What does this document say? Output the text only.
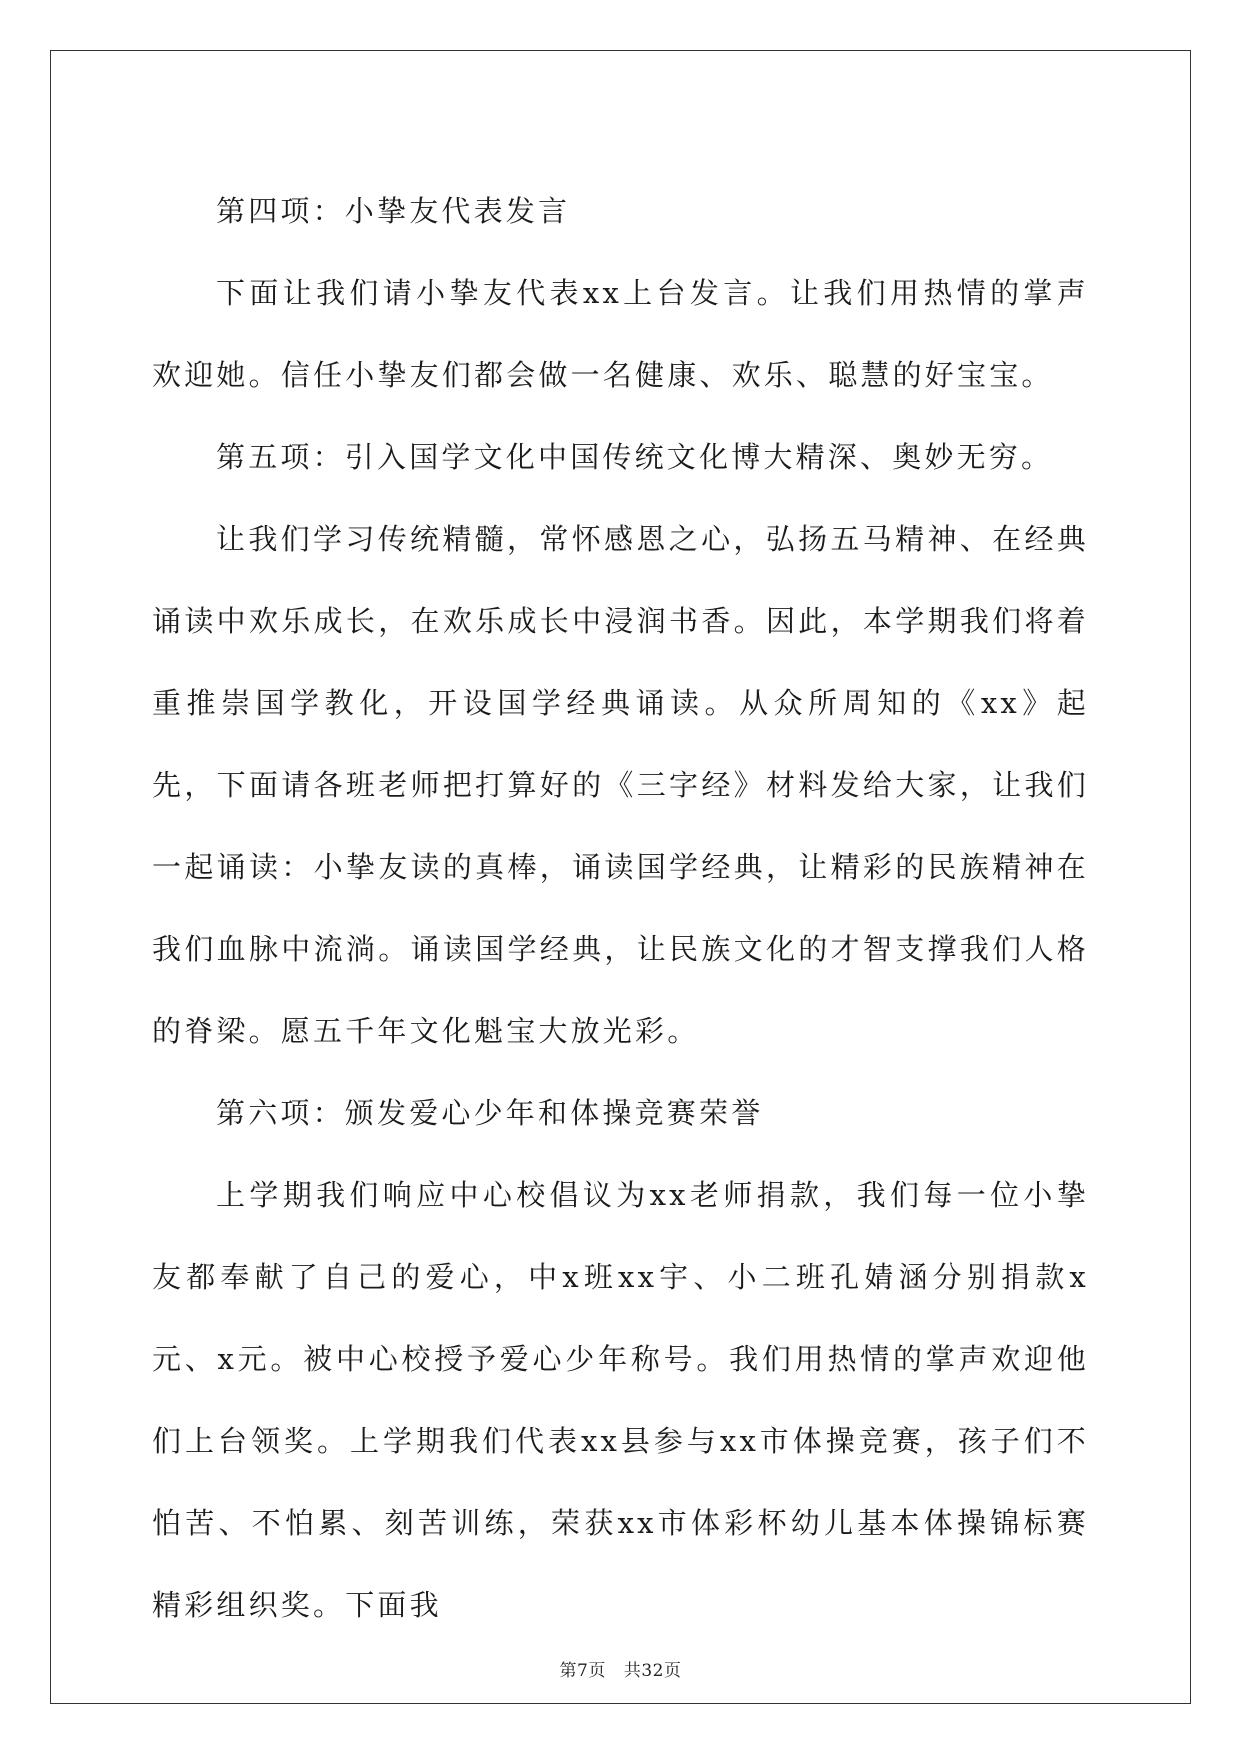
第四项：小挚友代表发言

下面让我们请小挚友代表xx上台发言。让我们用热情的掌声欢迎她。信任小挚友们都会做一名健康、欢乐、聪慧的好宝宝。

第五项：引入国学文化中国传统文化博大精深、奥妙无穷。

让我们学习传统精髓，常怀感恩之心，弘扬五马精神、在经典诵读中欢乐成长，在欢乐成长中浸润书香。因此，本学期我们将着重推崇国学教化，开设国学经典诵读。从众所周知的《xx》起先，下面请各班老师把打算好的《三字经》材料发给大家，让我们一起诵读：小挚友读的真棒，诵读国学经典，让精彩的民族精神在我们血脉中流淌。诵读国学经典，让民族文化的才智支撑我们人格的脊梁。愿五千年文化魁宝大放光彩。

第六项：颁发爱心少年和体操竞赛荣誉

上学期我们响应中心校倡议为xx老师捐款，我们每一位小挚友都奉献了自己的爱心，中x班xx宇、小二班孔婧涵分别捐款x元、x元。被中心校授予爱心少年称号。我们用热情的掌声欢迎他们上台领奖。上学期我们代表xx县参与xx市体操竞赛，孩子们不怕苦、不怕累、刻苦训练，荣获xx市体彩杯幼儿基本体操锦标赛精彩组织奖。下面我

第7页 共32页
